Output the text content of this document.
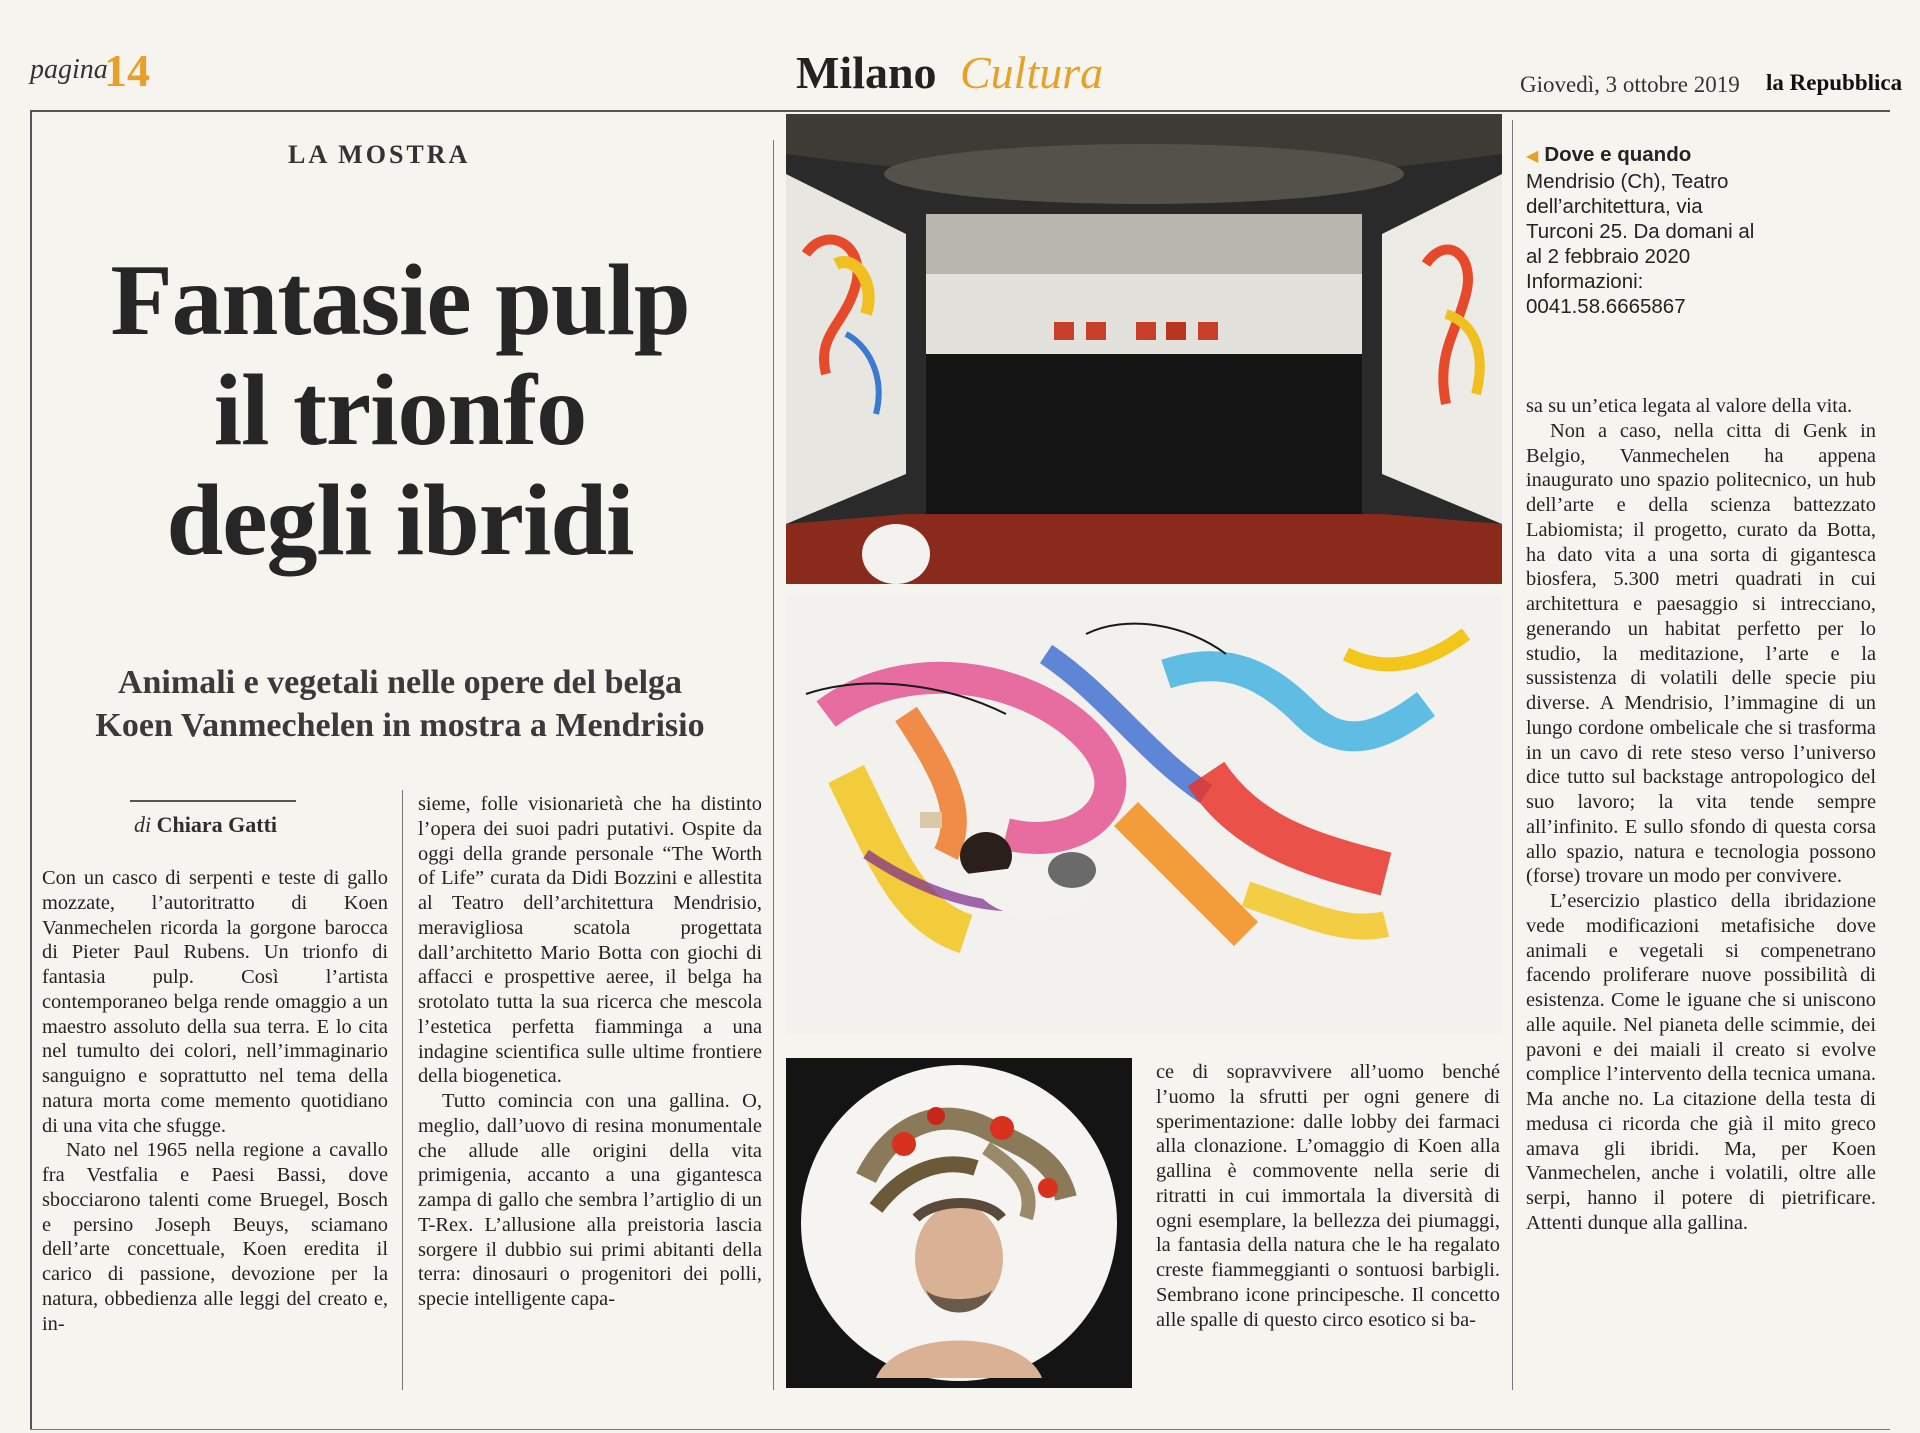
pagina
14	Milano Cultura	Giovedì, 3 ottobre 2019 la Repubblica
LA MOSTRA
Fantasie pulp
il trionfo
degli ibridi
Animali e vegetali nelle opere del belga
Koen Vanmechelen in mostra a Mendrisio
di Chiara Gatti

Con un casco di serpenti e teste di gallo mozzate, l’autoritratto di Koen Vanmechelen ricorda la gorgone barocca di Pieter Paul Rubens. Un trionfo di fantasia pulp. Così l’artista contemporaneo belga rende omaggio a un maestro assoluto della sua terra. E lo cita nel tumulto dei colori, nell’immaginario sanguigno e soprattutto nel tema della natura morta come memento quotidiano di una vita che sfugge.

Nato nel 1965 nella regione a cavallo fra Vestfalia e Paesi Bassi, dove sbocciarono talenti come Bruegel, Bosch e persino Joseph Beuys, sciamano dell’arte concettuale, Koen eredita il carico di passione, devozione per la natura, obbedienza alle leggi del creato e, in-

sieme, folle visionarietà che ha distinto l’opera dei suoi padri putativi. Ospite da oggi della grande personale “The Worth of Life” curata da Didi Bozzini e allestita al Teatro dell’architettura Mendrisio, meravigliosa scatola progettata dall’architetto Mario Botta con giochi di affacci e prospettive aeree, il belga ha srotolato tutta la sua ricerca che mescola l’estetica perfetta fiamminga a una indagine scientifica sulle ultime frontiere della biogenetica.

Tutto comincia con una gallina. O, meglio, dall’uovo di resina monumentale che allude alle origini della vita primigenia, accanto a una gigantesca zampa di gallo che sembra l’artiglio di un T-Rex. L’allusione alla preistoria lascia sorgere il dubbio sui primi abitanti della terra: dinosauri o progenitori dei polli, specie intelligente capa-

ce di sopravvivere all’uomo benché l’uomo la sfrutti per ogni genere di sperimentazione: dalle lobby dei farmaci alla clonazione. L’omaggio di Koen alla gallina è commovente nella serie di ritratti in cui immortala la diversità di ogni esemplare, la bellezza dei piumaggi, la fantasia della natura che le ha regalato creste fiammeggianti o sontuosi barbigli. Sembrano icone principesche. Il concetto alle spalle di questo circo esotico si ba-

◀ Dove e quando
Mendrisio (Ch), Teatro
dell’architettura, via
Turconi 25. Da domani al
al 2 febbraio 2020
Informazioni:
0041.58.6665867

sa su un’etica legata al valore della vita.

Non a caso, nella citta di Genk in Belgio, Vanmechelen ha appena inaugurato uno spazio politecnico, un hub dell’arte e della scienza battezzato Labiomista; il progetto, curato da Botta, ha dato vita a una sorta di gigantesca biosfera, 5.300 metri quadrati in cui architettura e paesaggio si intrecciano, generando un habitat perfetto per lo studio, la meditazione, l’arte e la sussistenza di volatili delle specie piu diverse. A Mendrisio, l’immagine di un lungo cordone ombelicale che si trasforma in un cavo di rete steso verso l’universo dice tutto sul backstage antropologico del suo lavoro; la vita tende sempre all’infinito. E sullo sfondo di questa corsa allo spazio, natura e tecnologia possono (forse) trovare un modo per convivere.

L’esercizio plastico della ibridazione vede modificazioni metafisiche dove animali e vegetali si compenetrano facendo proliferare nuove possibilità di esistenza. Come le iguane che si uniscono alle aquile. Nel pianeta delle scimmie, dei pavoni e dei maiali il creato si evolve complice l’intervento della tecnica umana. Ma anche no. La citazione della testa di medusa ci ricorda che già il mito greco amava gli ibridi. Ma, per Koen Vanmechelen, anche i volatili, oltre alle serpi, hanno il potere di pietrificare. Attenti dunque alla gallina.
